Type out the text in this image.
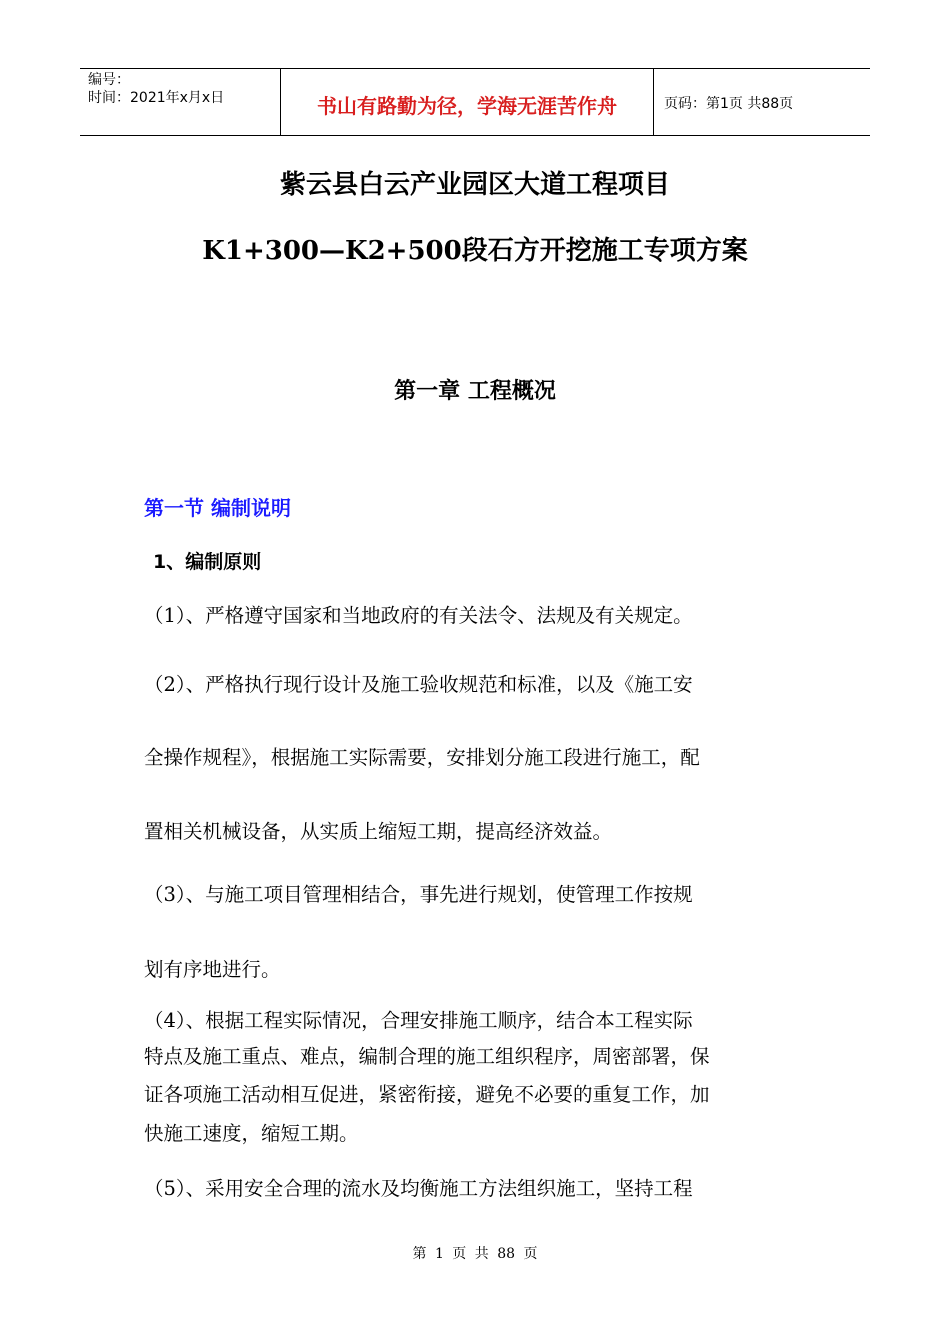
编号：
时间：2021年x月x日	书山有路勤为径，学海无涯苦作舟	页码：第1页 共88页
紫云县白云产业园区大道工程项目
K1+300—K2+500段石方开挖施工专项方案
第一章 工程概况
第一节 编制说明
1、编制原则
（1）、严格遵守国家和当地政府的有关法令、法规及有关规定。
（2）、严格执行现行设计及施工验收规范和标准，以及《施工安
全操作规程》，根据施工实际需要，安排划分施工段进行施工，配
置相关机械设备，从实质上缩短工期，提高经济效益。
（3）、与施工项目管理相结合，事先进行规划，使管理工作按规
划有序地进行。
（4）、根据工程实际情况，合理安排施工顺序，结合本工程实际
特点及施工重点、难点，编制合理的施工组织程序，周密部署，保
证各项施工活动相互促进，紧密衔接，避免不必要的重复工作，加
快施工速度，缩短工期。
（5）、采用安全合理的流水及均衡施工方法组织施工，坚持工程
第 1 页 共 88 页
